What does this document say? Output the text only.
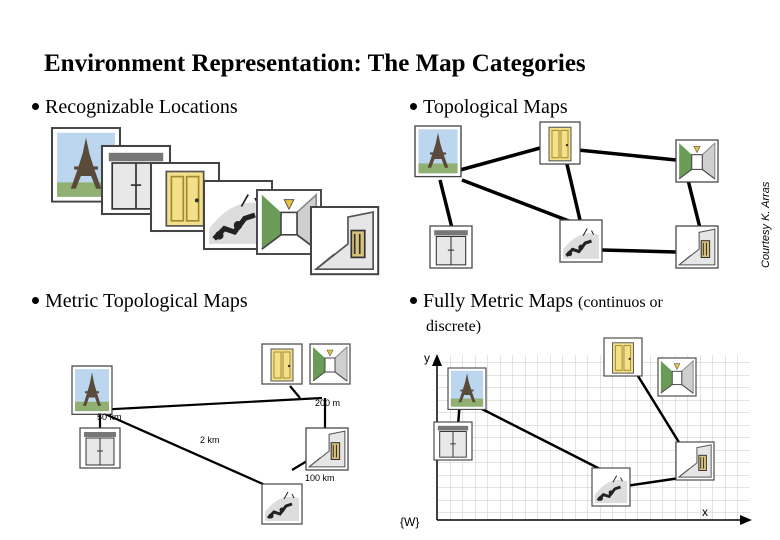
Environment Representation: The Map Categories
Recognizable Locations	Topological Maps
Metric Topological Maps	Fully Metric Maps (continuos or
discrete)
Courtesy K. Arras
50 km
2 km
200 m
100 km
y
x
{W}
